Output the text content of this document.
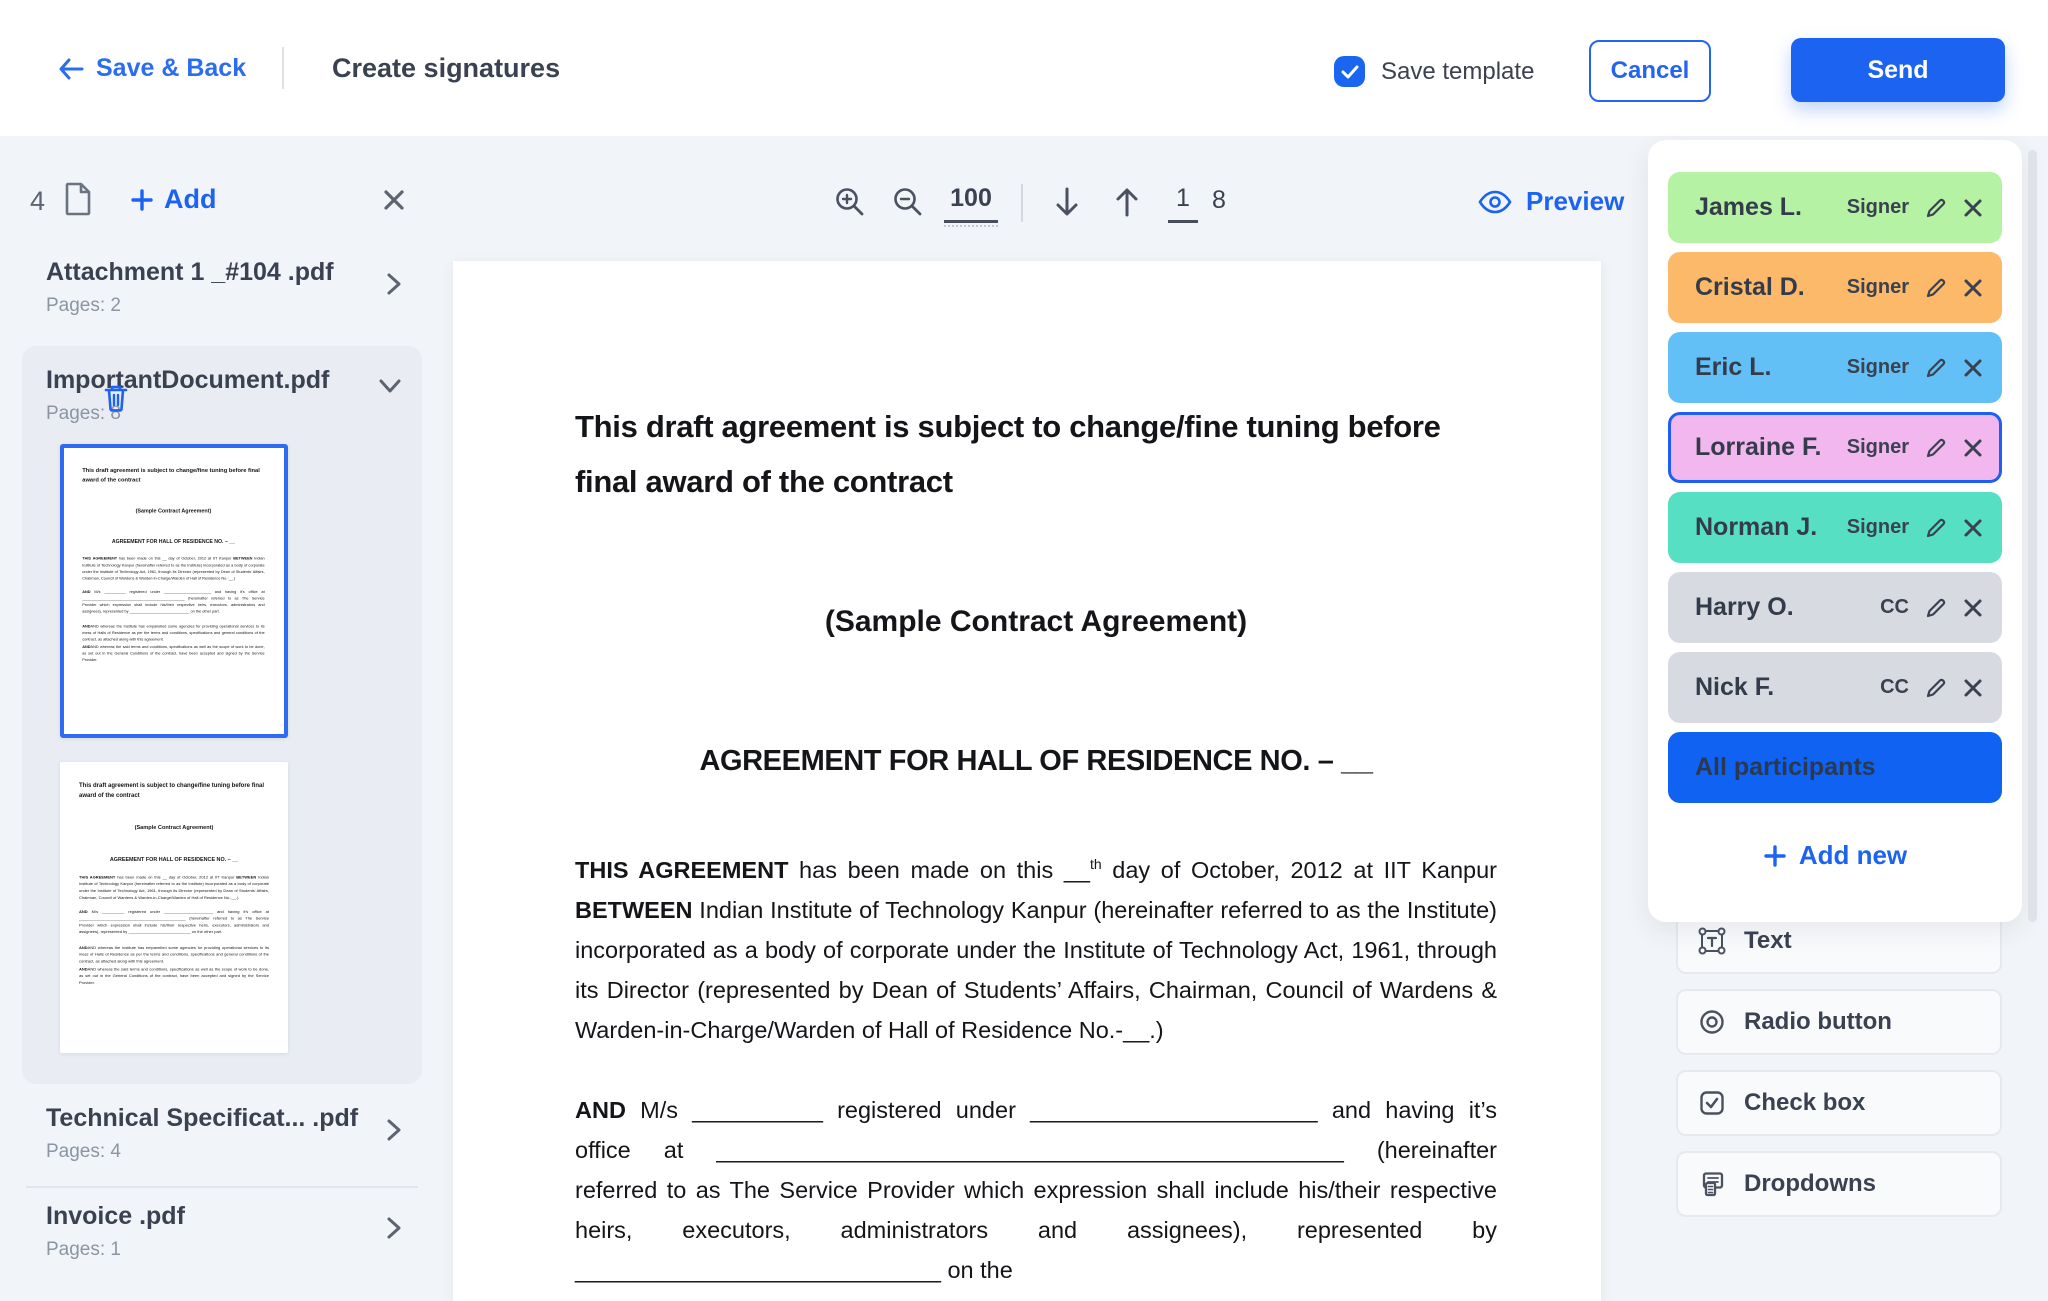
Save & Back	Create signatures	Save template	Cancel	Send
4	Add
Attachment 1 _#104 .pdf
Pages: 2
ImportantDocument.pdf
Pages: 8
This draft agreement is subject to change/fine tuning before final award of the contract
(Sample Contract Agreement)
AGREEMENT FOR HALL OF RESIDENCE NO. – __
THIS AGREEMENT has been made on this __ day of October, 2012 at IIT Kanpur BETWEEN Indian Institute of Technology Kanpur (hereinafter referred to as the Institute) incorporated as a body of corporate under the Institute of Technology Act, 1961, through its Director (represented by Dean of Students’ Affairs, Chairman, Council of Wardens & Warden-in-Charge/Warden of Hall of Residence No.-__.)
AND M/s __________ registered under ______________________ and having it’s office at ________________________________________________ (hereinafter referred to as The Service Provider which expression shall include his/their respective heirs, executors, administrators and assignees), represented by ____________________________ on the other part.
ANDAND whereas the Institute has empanelled some agencies for providing operational services to its mess of Halls of Residence as per the terms and conditions, specifications and general conditions of the contract, as attached along with this agreement.
ANDAND whereas the said terms and conditions, specifications as well as the scope of work to be done, as set out in the General Conditions of the contract, have been accepted and signed by the Service Provider.
This draft agreement is subject to change/fine tuning before final award of the contract
(Sample Contract Agreement)
AGREEMENT FOR HALL OF RESIDENCE NO. – __
THIS AGREEMENT has been made on this __ day of October, 2012 at IIT Kanpur BETWEEN Indian Institute of Technology Kanpur (hereinafter referred to as the Institute) incorporated as a body of corporate under the Institute of Technology Act, 1961, through its Director (represented by Dean of Students’ Affairs, Chairman, Council of Wardens & Warden-in-Charge/Warden of Hall of Residence No.-__.)
AND M/s __________ registered under ______________________ and having it’s office at ________________________________________________ (hereinafter referred to as The Service Provider which expression shall include his/their respective heirs, executors, administrators and assignees), represented by ____________________________ on the other part.
ANDAND whereas the Institute has empanelled some agencies for providing operational services to its mess of Halls of Residence as per the terms and conditions, specifications and general conditions of the contract, as attached along with this agreement.
ANDAND whereas the said terms and conditions, specifications as well as the scope of work to be done, as set out in the General Conditions of the contract, have been accepted and signed by the Service Provider.
Technical Specificat... .pdf
Pages: 4
Invoice .pdf
Pages: 1
100	1 8	Preview
This draft agreement is subject to change/fine tuning before final award of the contract
(Sample Contract Agreement)
AGREEMENT FOR HALL OF RESIDENCE NO. – __
THIS AGREEMENT has been made on this __$^{th}$ day of October, 2012 at IIT Kanpur BETWEEN Indian Institute of Technology Kanpur (hereinafter referred to as the Institute) incorporated as a body of corporate under the Institute of Technology Act, 1961, through its Director (represented by Dean of Students’ Affairs, Chairman, Council of Wardens & Warden-in-Charge/Warden of Hall of Residence No.-__.)
AND M/s __________ registered under ______________________ and having it’s office at ________________________________________________ (hereinafter referred to as The Service Provider which expression shall include his/their respective heirs, executors, administrators and assignees), represented by ____________________________ on the
James L.	Signer
Cristal D.	Signer
Eric L.	Signer
Lorraine F.	Signer
Norman J.	Signer
Harry O.	CC
Nick F.	CC
All participants
Add new
Text
Radio button
Check box
Dropdowns
